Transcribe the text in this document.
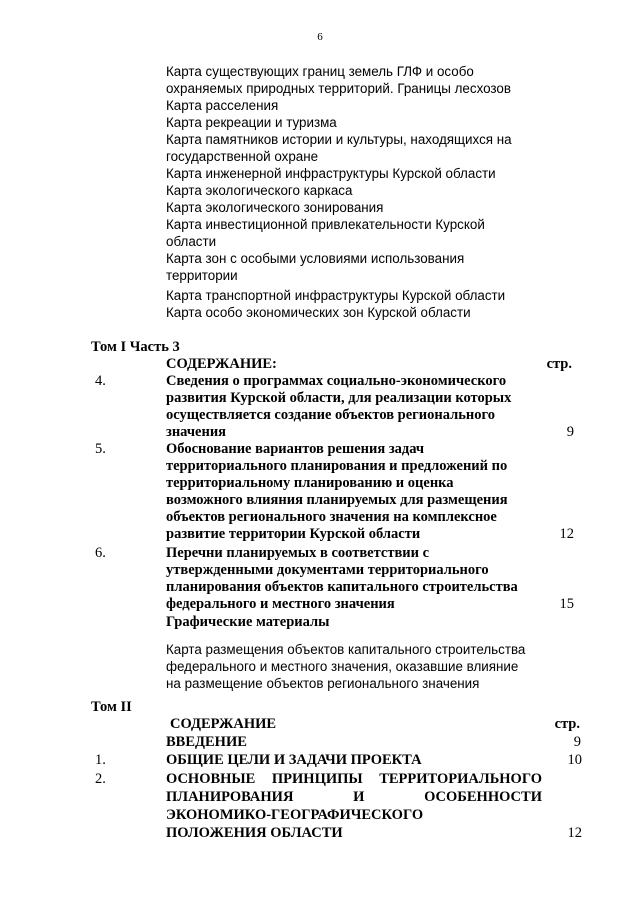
6
Карта существующих границ земель ГЛФ и особо
охраняемых природных территорий. Границы лесхозов
Карта расселения
Карта рекреации и туризма
Карта памятников истории и культуры, находящихся на
государственной охране
Карта инженерной инфраструктуры Курской области
Карта экологического каркаса
Карта экологического зонирования
Карта инвестиционной привлекательности Курской
области
Карта зон с особыми условиями использования
территории
Карта транспортной инфраструктуры Курской области
Карта особо экономических зон Курской области
Том I Часть 3
СОДЕРЖАНИЕ:	стр.
4.	Сведения о программах социально-экономического
развития Курской области, для реализации которых
осуществляется создание объектов регионального
значения	9
5.	Обоснование вариантов решения задач
территориального планирования и предложений по
территориальному планированию и оценка
возможного влияния планируемых для размещения
объектов регионального значения на комплексное
развитие территории Курской области	12
6.	Перечни планируемых в соответствии с
утвержденными документами территориального
планирования объектов капитального строительства
федерального и местного значения	15
Графические материалы
Карта размещения объектов капитального строительства
федерального и местного значения, оказавшие влияние
на размещение объектов регионального значения
Том II
СОДЕРЖАНИЕ	стр.
ВВЕДЕНИЕ	9
1.	ОБЩИЕ ЦЕЛИ И ЗАДАЧИ ПРОЕКТА	10
2.	ОСНОВНЫЕ ПРИНЦИПЫ ТЕРРИТОРИАЛЬНОГО
ПЛАНИРОВАНИЯ	И	ОСОБЕННОСТИ
ЭКОНОМИКО-ГЕОГРАФИЧЕСКОГО
ПОЛОЖЕНИЯ ОБЛАСТИ	12
